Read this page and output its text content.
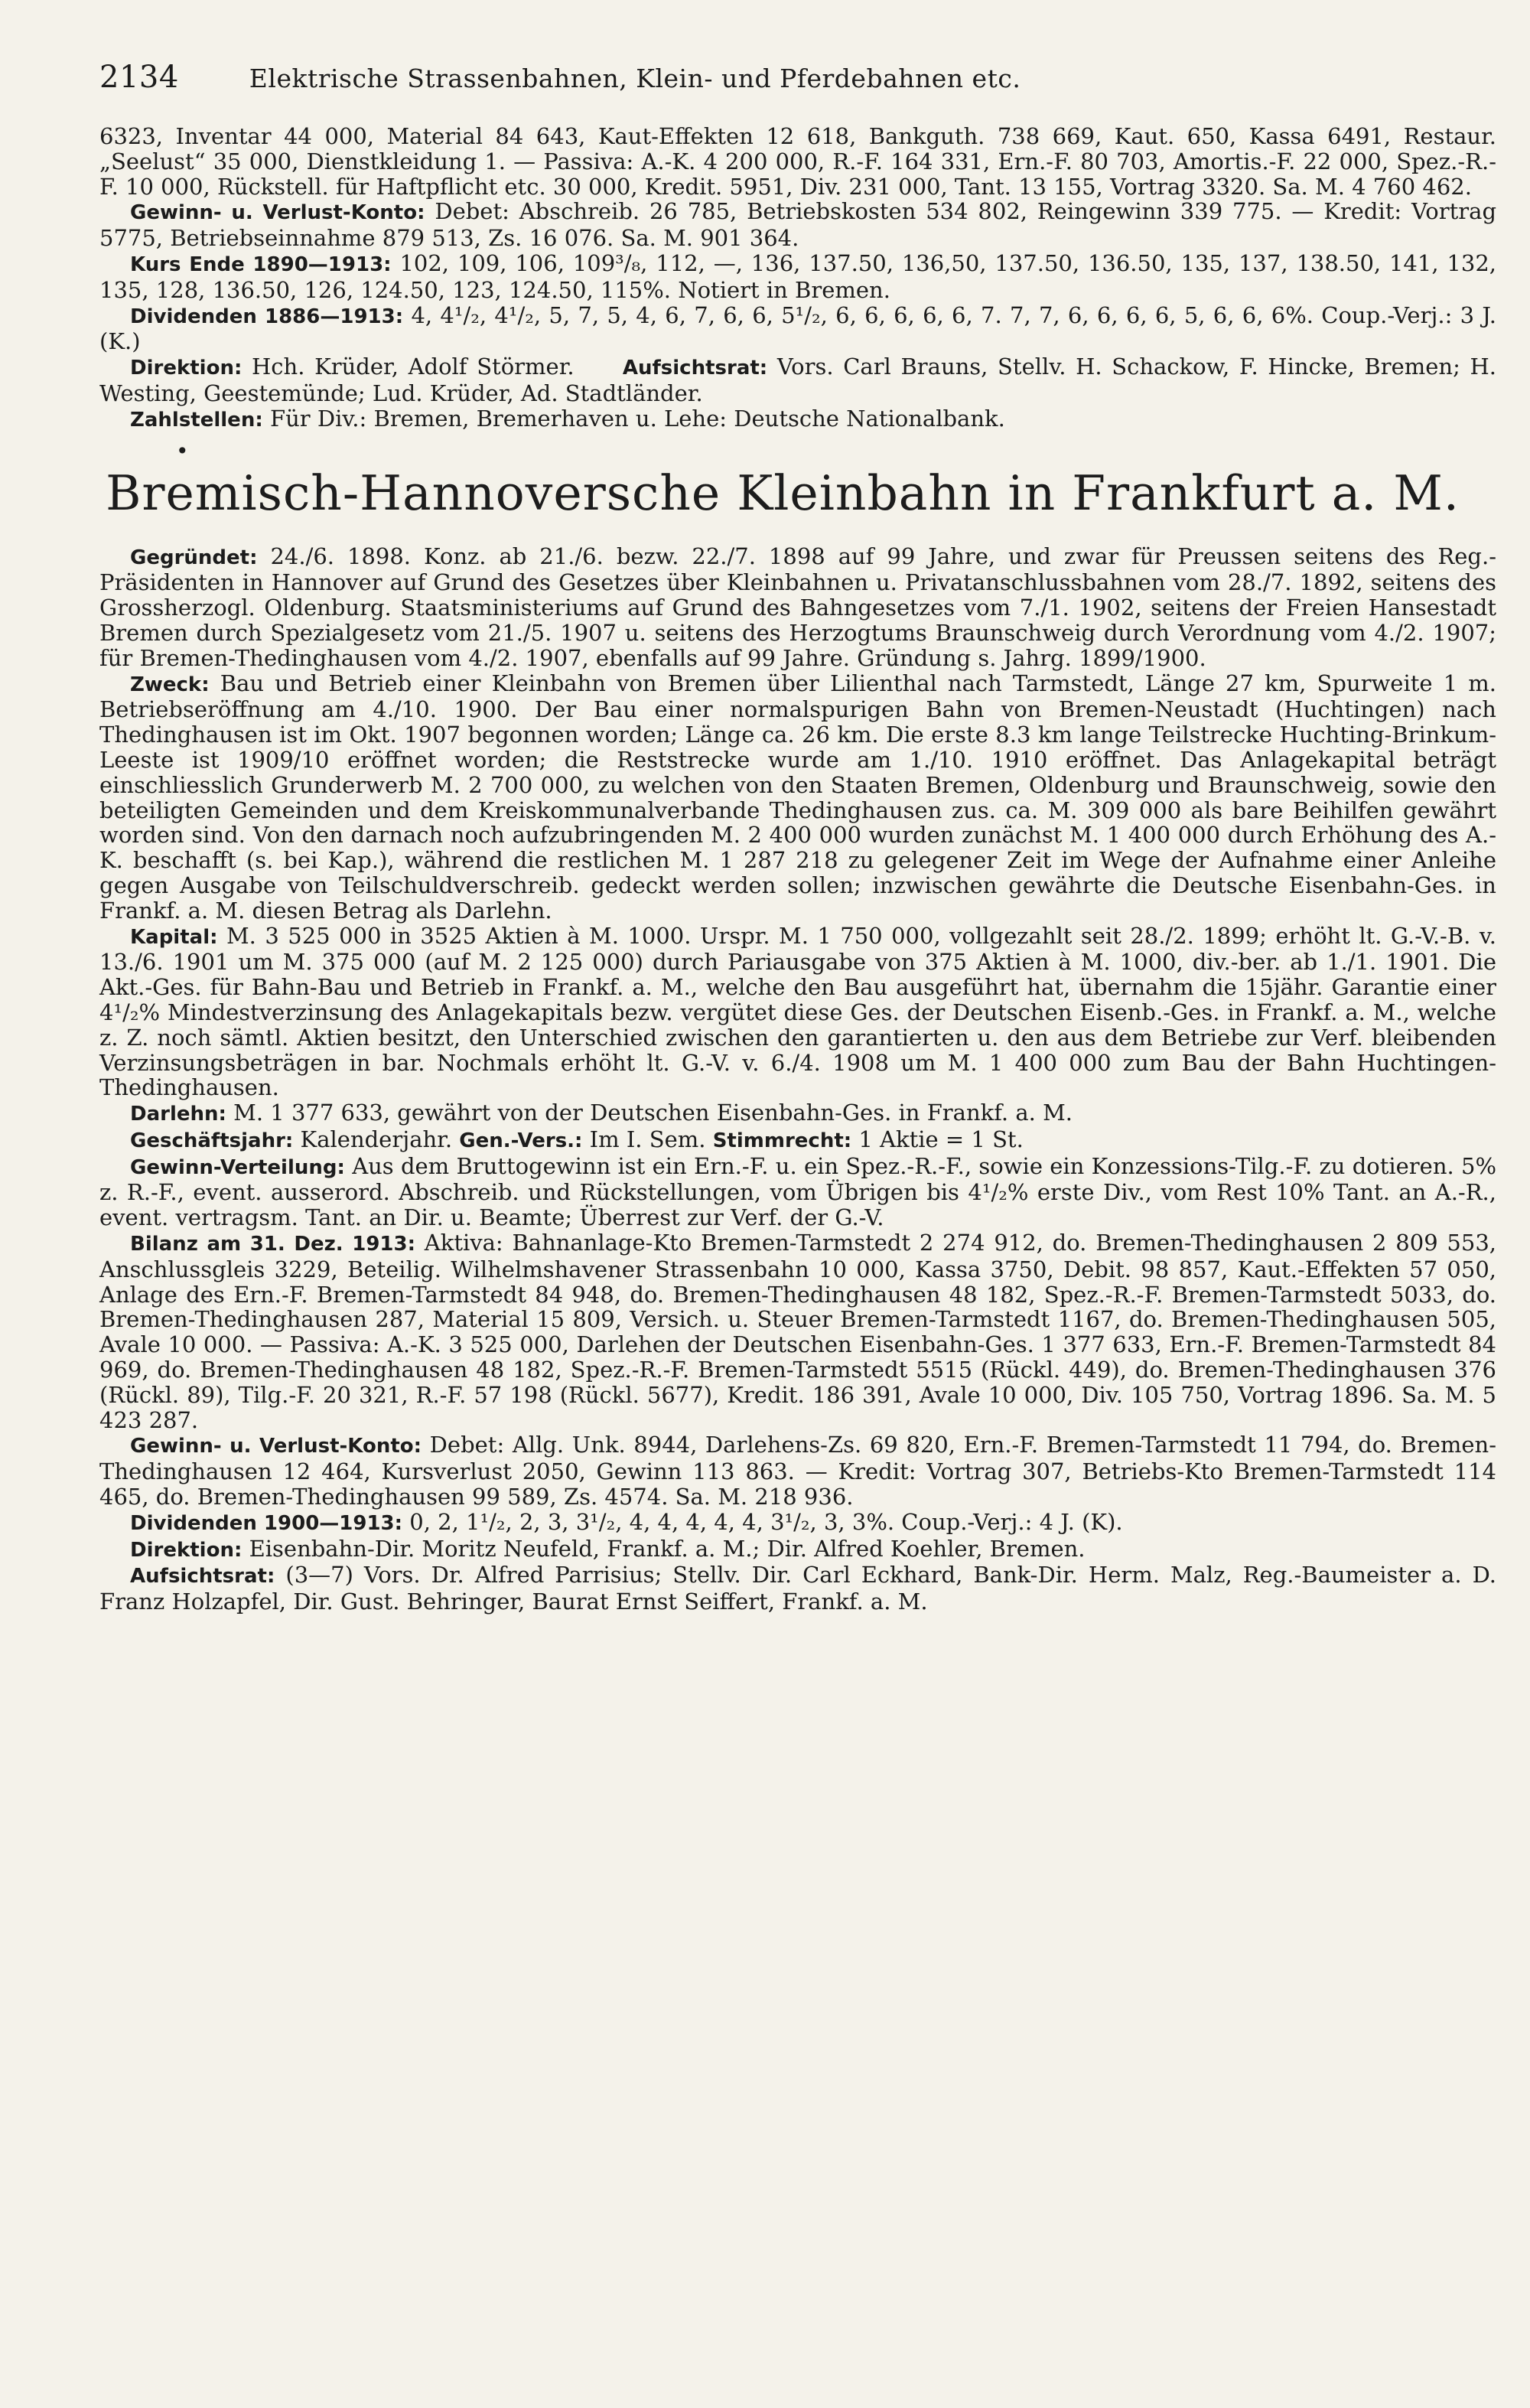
2134	Elektrische Strassenbahnen, Klein- und Pferdebahnen etc.

6323, Inventar 44 000, Material 84 643, Kaut-Effekten 12 618, Bankguth. 738 669, Kaut. 650, Kassa 6491, Restaur. „Seelust“ 35 000, Dienstkleidung 1. — Passiva: A.-K. 4 200 000, R.-F. 164 331, Ern.-F. 80 703, Amortis.-F. 22 000, Spez.-R.-F. 10 000, Rückstell. für Haftpflicht etc. 30 000, Kredit. 5951, Div. 231 000, Tant. 13 155, Vortrag 3320. Sa. M. 4 760 462.

Gewinn- u. Verlust-Konto: Debet: Abschreib. 26 785, Betriebskosten 534 802, Reingewinn 339 775. — Kredit: Vortrag 5775, Betriebseinnahme 879 513, Zs. 16 076. Sa. M. 901 364.

Kurs Ende 1890—1913: 102, 109, 106, 109³/₈, 112, —, 136, 137.50, 136,50, 137.50, 136.50, 135, 137, 138.50, 141, 132, 135, 128, 136.50, 126, 124.50, 123, 124.50, 115%. Notiert in Bremen.

Dividenden 1886—1913: 4, 4¹/₂, 4¹/₂, 5, 7, 5, 4, 6, 7, 6, 6, 5¹/₂, 6, 6, 6, 6, 6, 7. 7, 7, 6, 6, 6, 6, 5, 6, 6, 6%. Coup.-Verj.: 3 J. (K.)

Direktion: Hch. Krüder, Adolf Störmer. Aufsichtsrat: Vors. Carl Brauns, Stellv. H. Schackow, F. Hincke, Bremen; H. Westing, Geestemünde; Lud. Krüder, Ad. Stadtländer.

Zahlstellen: Für Div.: Bremen, Bremerhaven u. Lehe: Deutsche Nationalbank.

•
Bremisch-Hannoversche Kleinbahn in Frankfurt a. M.

Gegründet: 24./6. 1898. Konz. ab 21./6. bezw. 22./7. 1898 auf 99 Jahre, und zwar für Preussen seitens des Reg.-Präsidenten in Hannover auf Grund des Gesetzes über Kleinbahnen u. Privatanschlussbahnen vom 28./7. 1892, seitens des Grossherzogl. Oldenburg. Staatsministeriums auf Grund des Bahngesetzes vom 7./1. 1902, seitens der Freien Hansestadt Bremen durch Spezialgesetz vom 21./5. 1907 u. seitens des Herzogtums Braunschweig durch Verordnung vom 4./2. 1907; für Bremen-Thedinghausen vom 4./2. 1907, ebenfalls auf 99 Jahre. Gründung s. Jahrg. 1899/1900.

Zweck: Bau und Betrieb einer Kleinbahn von Bremen über Lilienthal nach Tarmstedt, Länge 27 km, Spurweite 1 m. Betriebseröffnung am 4./10. 1900. Der Bau einer normalspurigen Bahn von Bremen-Neustadt (Huchtingen) nach Thedinghausen ist im Okt. 1907 begonnen worden; Länge ca. 26 km. Die erste 8.3 km lange Teilstrecke Huchting-Brinkum-Leeste ist 1909/10 eröffnet worden; die Reststrecke wurde am 1./10. 1910 eröffnet. Das Anlagekapital beträgt einschliesslich Grunderwerb M. 2 700 000, zu welchen von den Staaten Bremen, Oldenburg und Braunschweig, sowie den beteiligten Gemeinden und dem Kreiskommunalverbande Thedinghausen zus. ca. M. 309 000 als bare Beihilfen gewährt worden sind. Von den darnach noch aufzubringenden M. 2 400 000 wurden zunächst M. 1 400 000 durch Erhöhung des A.-K. beschafft (s. bei Kap.), während die restlichen M. 1 287 218 zu gelegener Zeit im Wege der Aufnahme einer Anleihe gegen Ausgabe von Teilschuldverschreib. gedeckt werden sollen; inzwischen gewährte die Deutsche Eisenbahn-Ges. in Frankf. a. M. diesen Betrag als Darlehn.

Kapital: M. 3 525 000 in 3525 Aktien à M. 1000. Urspr. M. 1 750 000, vollgezahlt seit 28./2. 1899; erhöht lt. G.-V.-B. v. 13./6. 1901 um M. 375 000 (auf M. 2 125 000) durch Pariausgabe von 375 Aktien à M. 1000, div.-ber. ab 1./1. 1901. Die Akt.-Ges. für Bahn-Bau und Betrieb in Frankf. a. M., welche den Bau ausgeführt hat, übernahm die 15jähr. Garantie einer 4¹/₂% Mindestverzinsung des Anlagekapitals bezw. vergütet diese Ges. der Deutschen Eisenb.-Ges. in Frankf. a. M., welche z. Z. noch sämtl. Aktien besitzt, den Unterschied zwischen den garantierten u. den aus dem Betriebe zur Verf. bleibenden Verzinsungsbeträgen in bar. Nochmals erhöht lt. G.-V. v. 6./4. 1908 um M. 1 400 000 zum Bau der Bahn Huchtingen-Thedinghausen.

Darlehn: M. 1 377 633, gewährt von der Deutschen Eisenbahn-Ges. in Frankf. a. M.

Geschäftsjahr: Kalenderjahr. Gen.-Vers.: Im I. Sem. Stimmrecht: 1 Aktie = 1 St.

Gewinn-Verteilung: Aus dem Bruttogewinn ist ein Ern.-F. u. ein Spez.-R.-F., sowie ein Konzessions-Tilg.-F. zu dotieren. 5% z. R.-F., event. ausserord. Abschreib. und Rückstellungen, vom Übrigen bis 4¹/₂% erste Div., vom Rest 10% Tant. an A.-R., event. vertragsm. Tant. an Dir. u. Beamte; Überrest zur Verf. der G.-V.

Bilanz am 31. Dez. 1913: Aktiva: Bahnanlage-Kto Bremen-Tarmstedt 2 274 912, do. Bremen-Thedinghausen 2 809 553, Anschlussgleis 3229, Beteilig. Wilhelmshavener Strassenbahn 10 000, Kassa 3750, Debit. 98 857, Kaut.-Effekten 57 050, Anlage des Ern.-F. Bremen-Tarmstedt 84 948, do. Bremen-Thedinghausen 48 182, Spez.-R.-F. Bremen-Tarmstedt 5033, do. Bremen-Thedinghausen 287, Material 15 809, Versich. u. Steuer Bremen-Tarmstedt 1167, do. Bremen-Thedinghausen 505, Avale 10 000. — Passiva: A.-K. 3 525 000, Darlehen der Deutschen Eisenbahn-Ges. 1 377 633, Ern.-F. Bremen-Tarmstedt 84 969, do. Bremen-Thedinghausen 48 182, Spez.-R.-F. Bremen-Tarmstedt 5515 (Rückl. 449), do. Bremen-Thedinghausen 376 (Rückl. 89), Tilg.-F. 20 321, R.-F. 57 198 (Rückl. 5677), Kredit. 186 391, Avale 10 000, Div. 105 750, Vortrag 1896. Sa. M. 5 423 287.

Gewinn- u. Verlust-Konto: Debet: Allg. Unk. 8944, Darlehens-Zs. 69 820, Ern.-F. Bremen-Tarmstedt 11 794, do. Bremen-Thedinghausen 12 464, Kursverlust 2050, Gewinn 113 863. — Kredit: Vortrag 307, Betriebs-Kto Bremen-Tarmstedt 114 465, do. Bremen-Thedinghausen 99 589, Zs. 4574. Sa. M. 218 936.

Dividenden 1900—1913: 0, 2, 1¹/₂, 2, 3, 3¹/₂, 4, 4, 4, 4, 4, 3¹/₂, 3, 3%. Coup.-Verj.: 4 J. (K).

Direktion: Eisenbahn-Dir. Moritz Neufeld, Frankf. a. M.; Dir. Alfred Koehler, Bremen.

Aufsichtsrat: (3—7) Vors. Dr. Alfred Parrisius; Stellv. Dir. Carl Eckhard, Bank-Dir. Herm. Malz, Reg.-Baumeister a. D. Franz Holzapfel, Dir. Gust. Behringer, Baurat Ernst Seiffert, Frankf. a. M.
